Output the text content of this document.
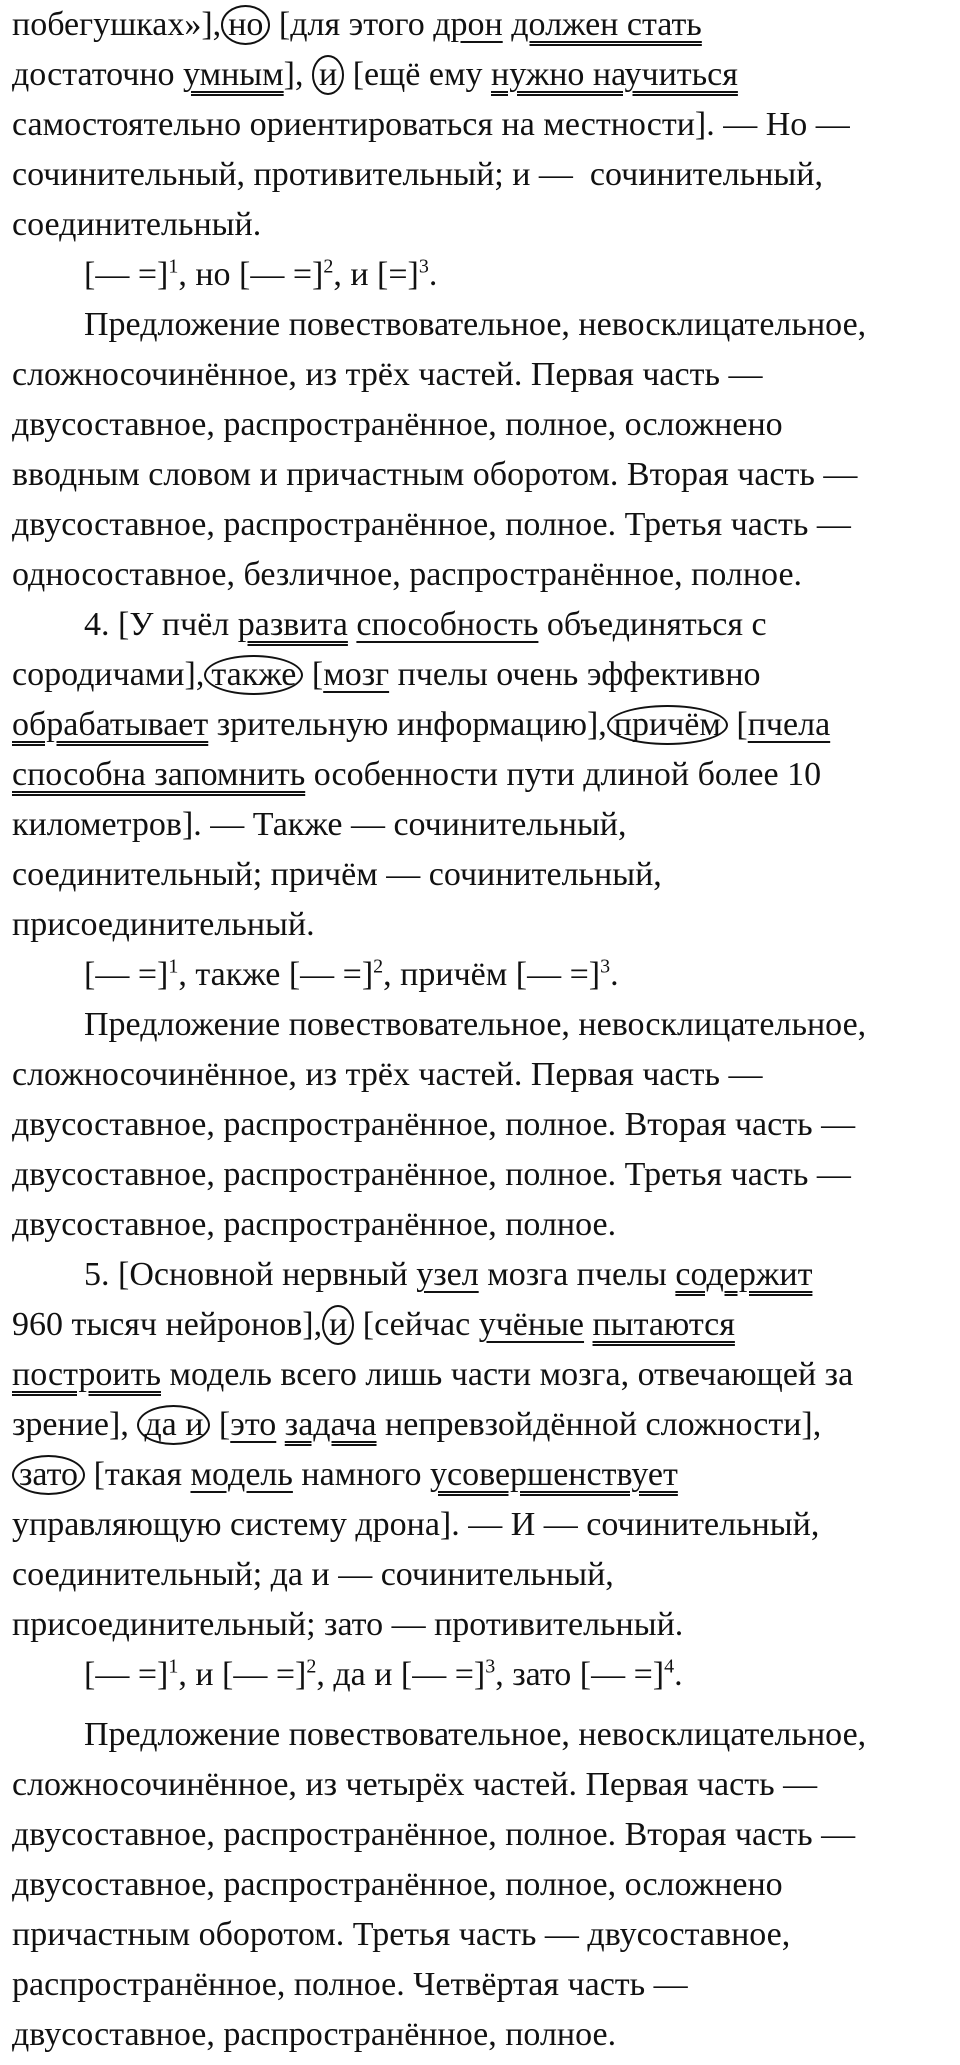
побегушках»], но [для этого дрон должен стать
достаточно умным], и [ещё ему нужно научиться
самостоятельно ориентироваться на местности]. — Но —
сочинительный, противительный; и —  сочинительный,
соединительный.
[— =]$^1$, но [— =]$^2$, и [=]$^3$.
Предложение повествовательное, невосклицательное,
сложносочинённое, из трёх частей. Первая часть —
двусоставное, распространённое, полное, осложнено
вводным словом и причастным оборотом. Вторая часть —
двусоставное, распространённое, полное. Третья часть —
односоставное, безличное, распространённое, полное.
4. [У пчёл развита способность объединяться с
сородичами], также [мозг пчелы очень эффективно
обрабатывает зрительную информацию], причём [пчела
способна запомнить особенности пути длиной более 10
километров]. — Также — сочинительный,
соединительный; причём — сочинительный,
присоединительный.
[— =]$^1$, также [— =]$^2$, причём [— =]$^3$.
Предложение повествовательное, невосклицательное,
сложносочинённое, из трёх частей. Первая часть —
двусоставное, распространённое, полное. Вторая часть —
двусоставное, распространённое, полное. Третья часть —
двусоставное, распространённое, полное.
5. [Основной нервный узел мозга пчелы содержит
960 тысяч нейронов], и [сейчас учёные пытаются
построить модель всего лишь части мозга, отвечающей за
зрение], да и [это задача непревзойдённой сложности],
зато [такая модель намного усовершенствует
управляющую систему дрона]. — И — сочинительный,
соединительный; да и — сочинительный,
присоединительный; зато — противительный.
[— =]$^1$, и [— =]$^2$, да и [— =]$^3$, зато [— =]$^4$.
Предложение повествовательное, невосклицательное,
сложносочинённое, из четырёх частей. Первая часть —
двусоставное, распространённое, полное. Вторая часть —
двусоставное, распространённое, полное, осложнено
причастным оборотом. Третья часть — двусоставное,
распространённое, полное. Четвёртая часть —
двусоставное, распространённое, полное.
